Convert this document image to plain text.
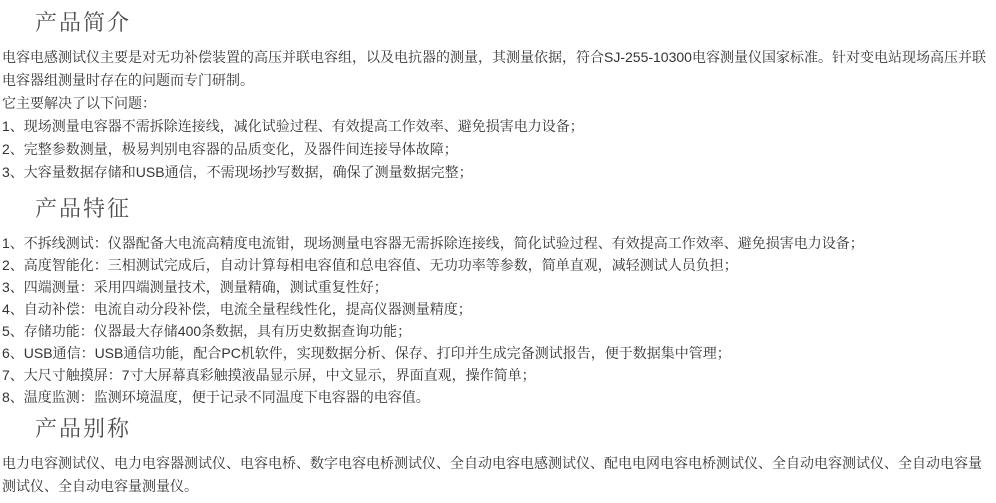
产品简介

电容电感测试仪主要是对无功补偿装置的高压并联电容组，以及电抗器的测量，其测量依据，符合SJ-255-10300电容测量仪国家标准。针对变电站现场高压并联电容器组测量时存在的问题而专门研制。

它主要解决了以下问题：

1、现场测量电容器不需拆除连接线，减化试验过程、有效提高工作效率、避免损害电力设备；

2、完整参数测量，极易判别电容器的品质变化，及器件间连接导体故障；

3、大容量数据存储和USB通信，不需现场抄写数据，确保了测量数据完整；

产品特征

1、不拆线测试：仪器配备大电流高精度电流钳，现场测量电容器无需拆除连接线，简化试验过程、有效提高工作效率、避免损害电力设备；

2、高度智能化：三相测试完成后，自动计算每相电容值和总电容值、无功功率等参数，简单直观，减轻测试人员负担；

3、四端测量：采用四端测量技术，测量精确，测试重复性好；

4、自动补偿：电流自动分段补偿，电流全量程线性化，提高仪器测量精度；

5、存储功能：仪器最大存储400条数据，具有历史数据查询功能；

6、USB通信：USB通信功能，配合PC机软件，实现数据分析、保存、打印并生成完备测试报告，便于数据集中管理；

7、大尺寸触摸屏：7寸大屏幕真彩触摸液晶显示屏，中文显示，界面直观，操作简单；

8、温度监测：监测环境温度，便于记录不同温度下电容器的电容值。

产品别称

电力电容测试仪、电力电容器测试仪、电容电桥、数字电容电桥测试仪、全自动电容电感测试仪、配电电网电容电桥测试仪、全自动电容测试仪、全自动电容量测试仪、全自动电容量测量仪。
